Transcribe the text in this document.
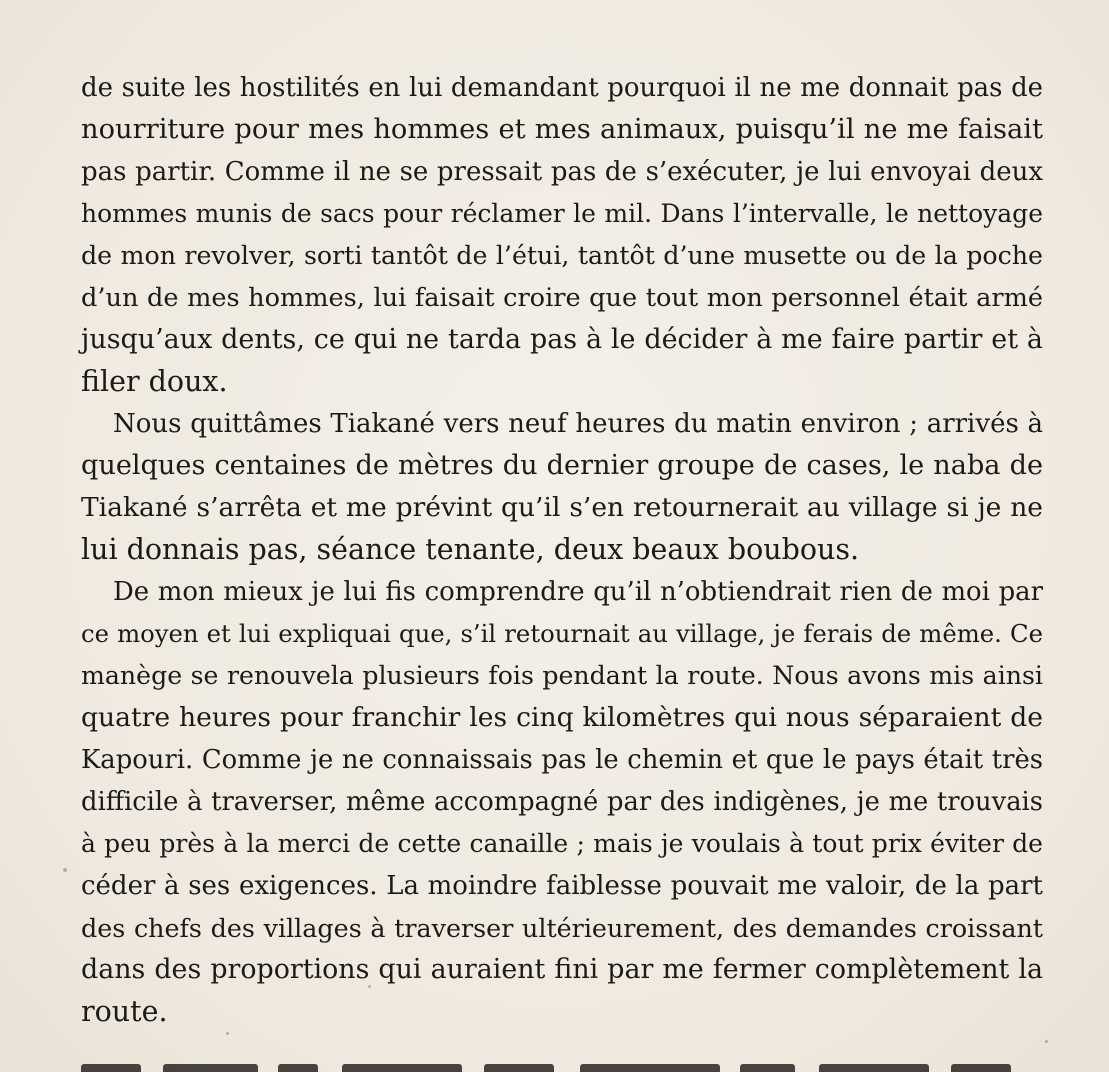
de suite les hostilités en lui demandant pourquoi il ne me donnait pas de
nourriture pour mes hommes et mes animaux, puisqu’il ne me faisait
pas partir. Comme il ne se pressait pas de s’exécuter, je lui envoyai deux
hommes munis de sacs pour réclamer le mil. Dans l’intervalle, le nettoyage
de mon revolver, sorti tantôt de l’étui, tantôt d’une musette ou de la poche
d’un de mes hommes, lui faisait croire que tout mon personnel était armé
jusqu’aux dents, ce qui ne tarda pas à le décider à me faire partir et à
filer doux.
Nous quittâmes Tiakané vers neuf heures du matin environ ; arrivés à
quelques centaines de mètres du dernier groupe de cases, le naba de
Tiakané s’arrêta et me prévint qu’il s’en retournerait au village si je ne
lui donnais pas, séance tenante, deux beaux boubous.
De mon mieux je lui fis comprendre qu’il n’obtiendrait rien de moi par
ce moyen et lui expliquai que, s’il retournait au village, je ferais de même. Ce
manège se renouvela plusieurs fois pendant la route. Nous avons mis ainsi
quatre heures pour franchir les cinq kilomètres qui nous séparaient de
Kapouri. Comme je ne connaissais pas le chemin et que le pays était très
difficile à traverser, même accompagné par des indigènes, je me trouvais
à peu près à la merci de cette canaille ; mais je voulais à tout prix éviter de
céder à ses exigences. La moindre faiblesse pouvait me valoir, de la part
des chefs des villages à traverser ultérieurement, des demandes croissant
dans des proportions qui auraient fini par me fermer complètement la
route.
